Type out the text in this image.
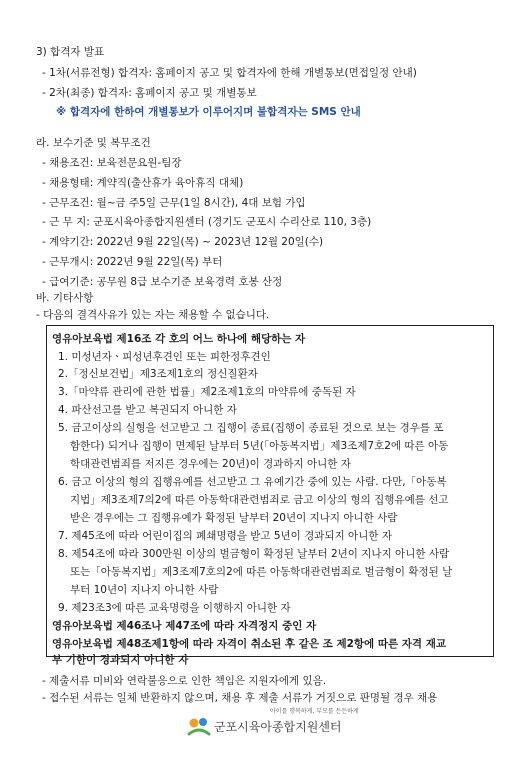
3) 합격자 발표
- 1차(서류전형) 합격자: 홈페이지 공고 및 합격자에 한해 개별통보(면접일정 안내)
- 2차(최종) 합격자: 홈페이지 공고 및 개별통보
※ 합격자에 한하여 개별통보가 이루어지며 불합격자는 SMS 안내
라. 보수기준 및 복무조건
- 채용조건: 보육전문요원-팀장
- 채용형태: 계약직(출산휴가 육아휴직 대체)
- 근무조건: 월~금 주5일 근무(1일 8시간), 4대 보험 가입
- 근 무 지: 군포시육아종합지원센터 (경기도 군포시 수리산로 110, 3층)
- 계약기간: 2022년 9월 22일(목) ~ 2023년 12월 20일(수)
- 근무개시: 2022년 9월 22일(목) 부터
- 급여기준: 공무원 8급 보수기준 보육경력 호봉 산정
바. 기타사항
- 다음의 결격사유가 있는 자는 채용할 수 없습니다.
영유아보육법 제16조 각 호의 어느 하나에 해당하는 자
1. 미성년자ㆍ피성년후견인 또는 피한정후견인
2.「정신보건법」제3조제1호의 정신질환자
3.「마약류 관리에 관한 법률」제2조제1호의 마약류에 중독된 자
4. 파산선고를 받고 복권되지 아니한 자
5. 금고이상의 실형을 선고받고 그 집행이 종료(집행이 종료된 것으로 보는 경우를 포
함한다) 되거나 집행이 면제된 날부터 5년(「아동복지법」제3조제7호2에 따른 아동
학대관련범죄를 저지른 경우에는 20년)이 경과하지 아니한 자
6. 금고 이상의 형의 집행유예를 선고받고 그 유예기간 중에 있는 사람. 다만,「아동복
지법」제3조제7의2에 따른 아동학대관련범죄로 금고 이상의 형의 집행유예를 선고
받은 경우에는 그 집행유예가 확정된 날부터 20년이 지나지 아니한 사람
7. 제45조에 따라 어린이집의 폐쇄명령을 받고 5년이 경과되지 아니한 자
8. 제54조에 따라 300만원 이상의 벌금형이 확정된 날부터 2년이 지나지 아니한 사람
또는「아동복지법」제3조제7호의2에 따른 아동학대관련범죄로 벌금형이 확정된 날
부터 10년이 지나지 아니한 사람
9. 제23조3에 따른 교육명령을 이행하지 아니한 자
영유아보육법 제46조나 제47조에 따라 자격정지 중인 자
영유아보육법 제48조제1항에 따라 자격이 취소된 후 같은 조 제2항에 따른 자격 재교
부 기한이 경과되지 아니한 자
- 제출서류 미비와 연락불응으로 인한 책임은 지원자에게 있음.
- 접수된 서류는 일체 반환하지 않으며, 채용 후 제출 서류가 거짓으로 판명될 경우 채용
아이를 행복하게, 부모를 든든하게
군포시육아종합지원센터
